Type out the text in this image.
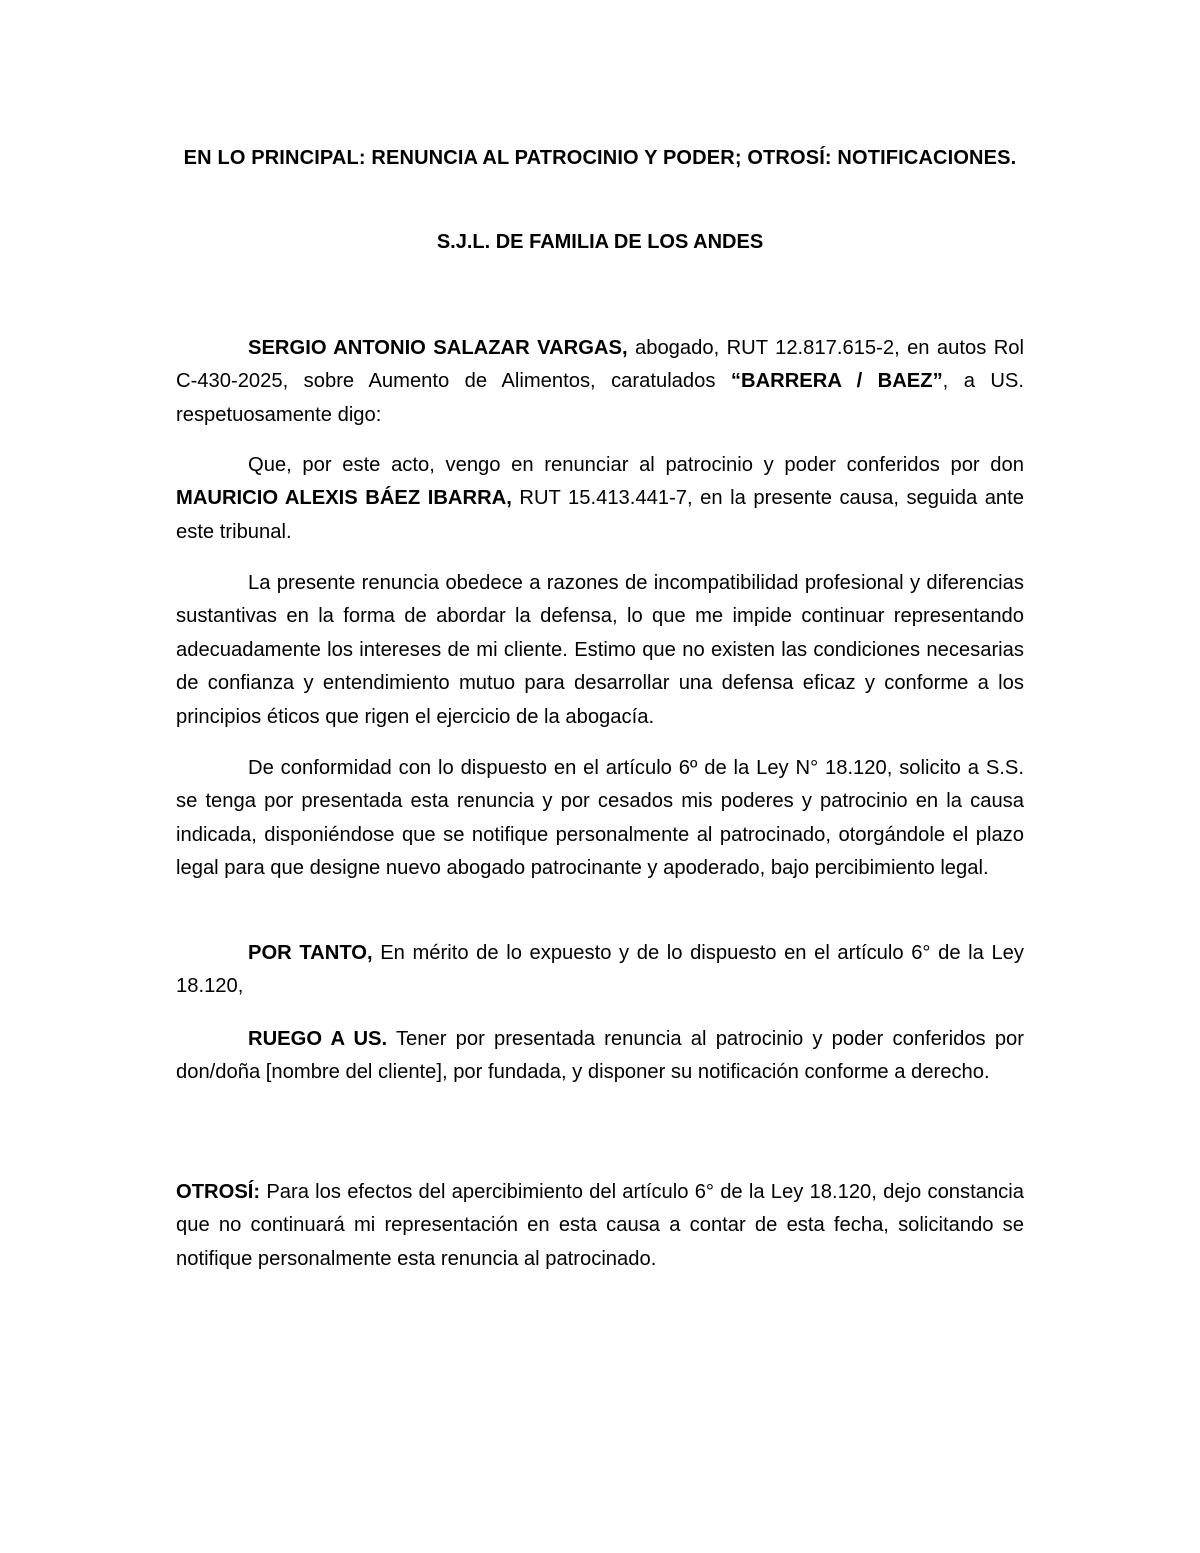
EN LO PRINCIPAL: RENUNCIA AL PATROCINIO Y PODER; OTROSÍ: NOTIFICACIONES.
S.J.L. DE FAMILIA DE LOS ANDES

SERGIO ANTONIO SALAZAR VARGAS, abogado, RUT 12.817.615-2, en autos Rol C-430-2025, sobre Aumento de Alimentos, caratulados “BARRERA / BAEZ”, a US. respetuosamente digo:

Que, por este acto, vengo en renunciar al patrocinio y poder conferidos por don MAURICIO ALEXIS BÁEZ IBARRA, RUT 15.413.441-7, en la presente causa, seguida ante este tribunal.

La presente renuncia obedece a razones de incompatibilidad profesional y diferencias sustantivas en la forma de abordar la defensa, lo que me impide continuar representando adecuadamente los intereses de mi cliente. Estimo que no existen las condiciones necesarias de confianza y entendimiento mutuo para desarrollar una defensa eficaz y conforme a los principios éticos que rigen el ejercicio de la abogacía.

De conformidad con lo dispuesto en el artículo 6º de la Ley N° 18.120, solicito a S.S. se tenga por presentada esta renuncia y por cesados mis poderes y patrocinio en la causa indicada, disponiéndose que se notifique personalmente al patrocinado, otorgándole el plazo legal para que designe nuevo abogado patrocinante y apoderado, bajo percibimiento legal.

POR TANTO, En mérito de lo expuesto y de lo dispuesto en el artículo 6° de la Ley 18.120,

RUEGO A US. Tener por presentada renuncia al patrocinio y poder conferidos por don/doña [nombre del cliente], por fundada, y disponer su notificación conforme a derecho.

OTROSÍ: Para los efectos del apercibimiento del artículo 6° de la Ley 18.120, dejo constancia que no continuará mi representación en esta causa a contar de esta fecha, solicitando se notifique personalmente esta renuncia al patrocinado.
